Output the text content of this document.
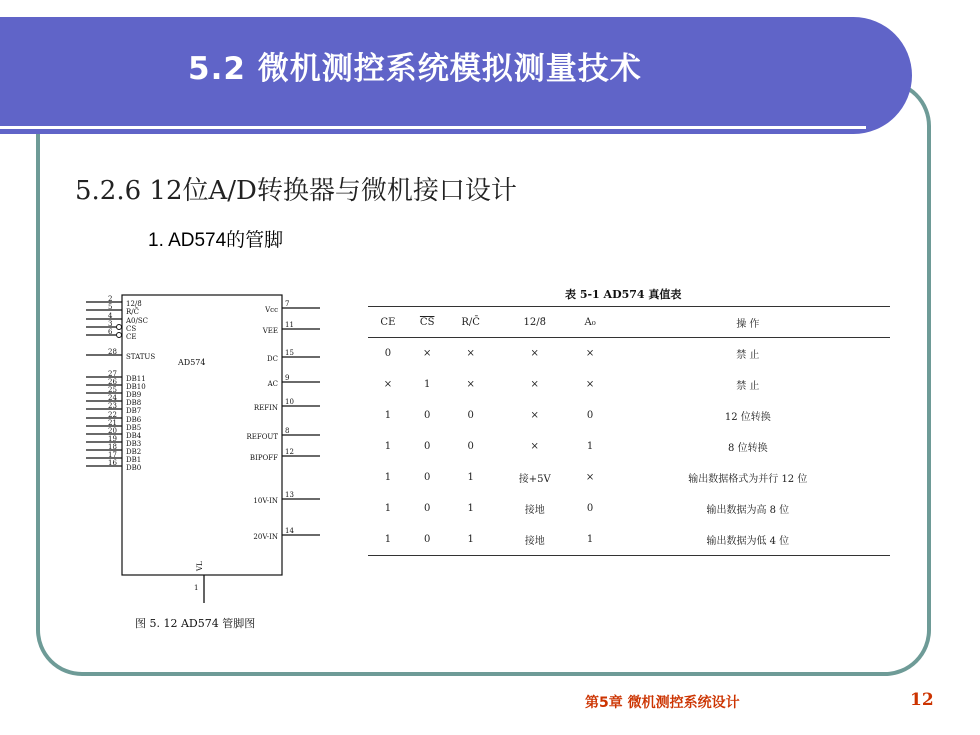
5.2 微机测控系统模拟测量技术
5.2.6 12位A/D转换器与微机接口设计
1. AD574的管脚
AD574
2
12/8̄
5
R/C̄
4
A0/SC
3
CS
6
CE
28
STATUS
27
DB11
26
DB10
25
DB9
24
DB8
23
DB7
22
DB6
21
DB5
20
DB4
19
DB3
18
DB2
17
DB1
16
DB0
7
Vcc
11
VEE
15
DC
9
AC
10
REFIN
8
REFOUT
12
BIPOFF
13
10V-IN
14
20V-IN
VL
1
图 5. 12 AD574 管脚图
表 5-1 AD574 真值表
CE	$\overline{CS}$	R/C̄	12/8̄	A₀	操 作
0	×	×	×	×	禁 止
×	1	×	×	×	禁 止
1	0	0	×	0	12 位转换
1	0	0	×	1	8 位转换
1	0	1	接+5V	×	输出数据格式为并行 12 位
1	0	1	接地	0	输出数据为高 8 位
1	0	1	接地	1	输出数据为低 4 位
第5章 微机测控系统设计	12
